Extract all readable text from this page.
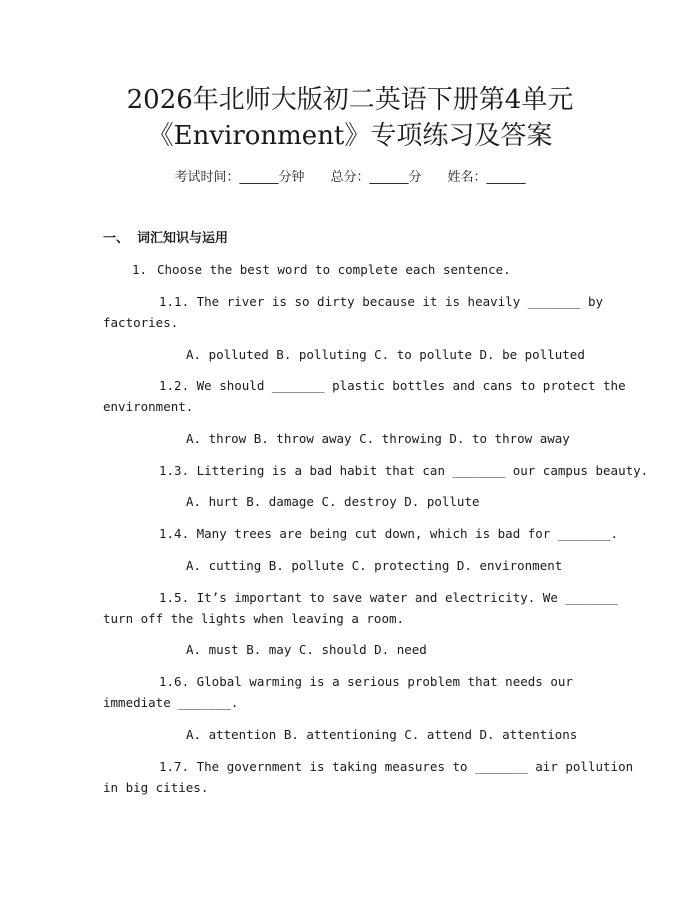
2026年北师大版初二英语下册第4单元
《Environment》专项练习及答案
考试时间：______分钟 总分：______分 姓名：______
一、 词汇知识与运用
1. Choose the best word to complete each sentence.
1.1. The river is so dirty because it is heavily _______ by
factories.
A. polluted B. polluting C. to pollute D. be polluted
1.2. We should _______ plastic bottles and cans to protect the
environment.
A. throw B. throw away C. throwing D. to throw away
1.3. Littering is a bad habit that can _______ our campus beauty.
A. hurt B. damage C. destroy D. pollute
1.4. Many trees are being cut down, which is bad for _______.
A. cutting B. pollute C. protecting D. environment
1.5. It’s important to save water and electricity. We _______
turn off the lights when leaving a room.
A. must B. may C. should D. need
1.6. Global warming is a serious problem that needs our
immediate _______.
A. attention B. attentioning C. attend D. attentions
1.7. The government is taking measures to _______ air pollution
in big cities.
